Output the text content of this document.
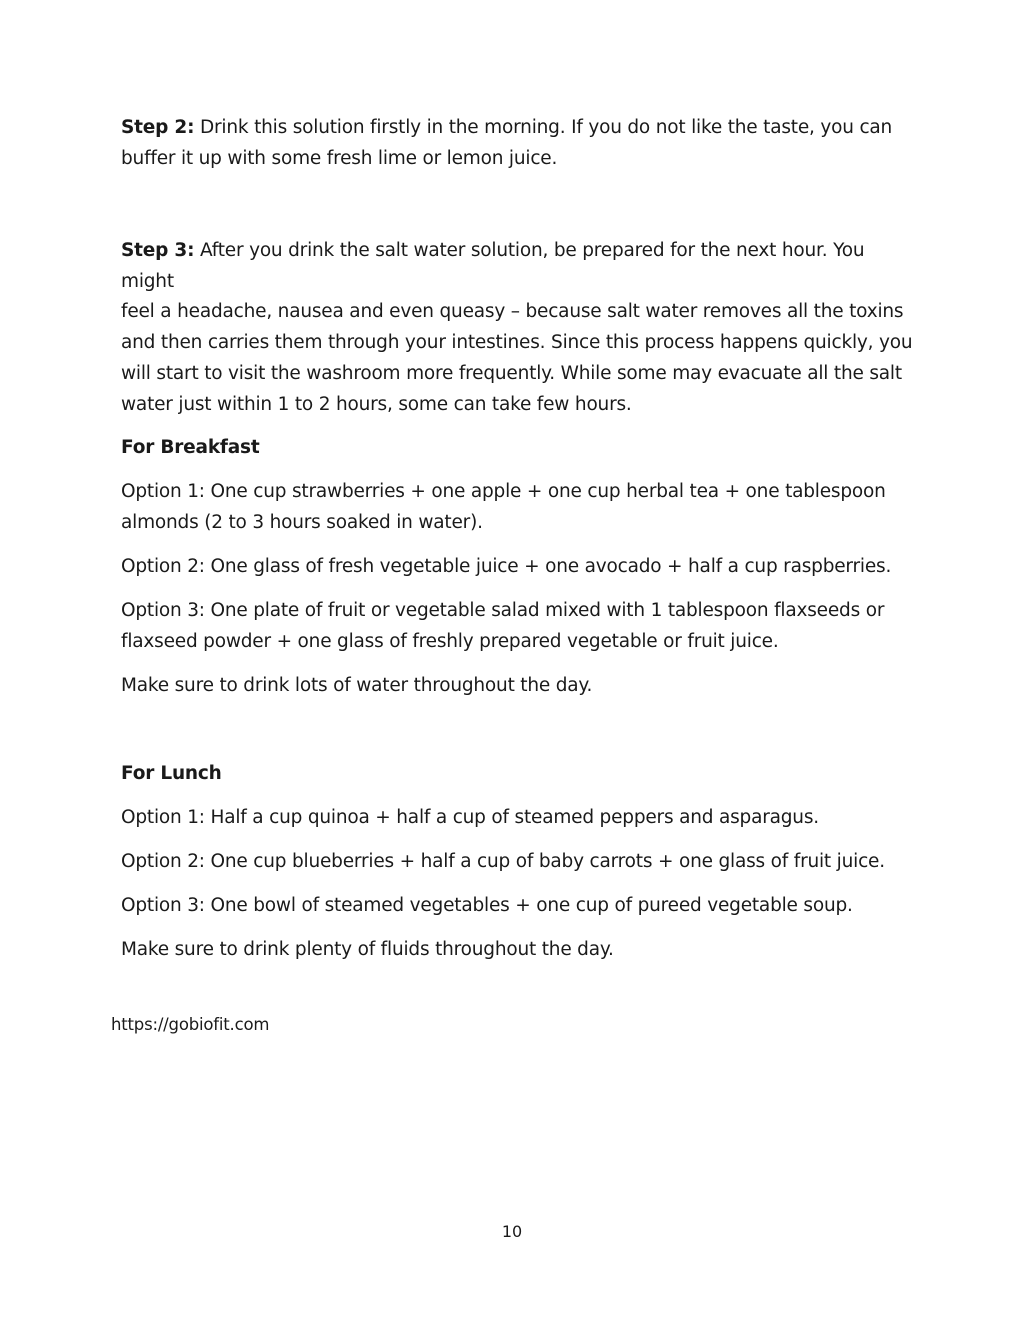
Step 2: Drink this solution firstly in the morning. If you do not like the taste, you can
buffer it up with some fresh lime or lemon juice.

Step 3: After you drink the salt water solution, be prepared for the next hour. You might
feel a headache, nausea and even queasy – because salt water removes all the toxins
and then carries them through your intestines. Since this process happens quickly, you
will start to visit the washroom more frequently. While some may evacuate all the salt
water just within 1 to 2 hours, some can take few hours.

For Breakfast

Option 1: One cup strawberries + one apple + one cup herbal tea + one tablespoon
almonds (2 to 3 hours soaked in water).

Option 2: One glass of fresh vegetable juice + one avocado + half a cup raspberries.

Option 3: One plate of fruit or vegetable salad mixed with 1 tablespoon flaxseeds or
flaxseed powder + one glass of freshly prepared vegetable or fruit juice.

Make sure to drink lots of water throughout the day.

For Lunch

Option 1: Half a cup quinoa + half a cup of steamed peppers and asparagus.

Option 2: One cup blueberries + half a cup of baby carrots + one glass of fruit juice.

Option 3: One bowl of steamed vegetables + one cup of pureed vegetable soup.

Make sure to drink plenty of fluids throughout the day.

https://gobiofit.com
10
